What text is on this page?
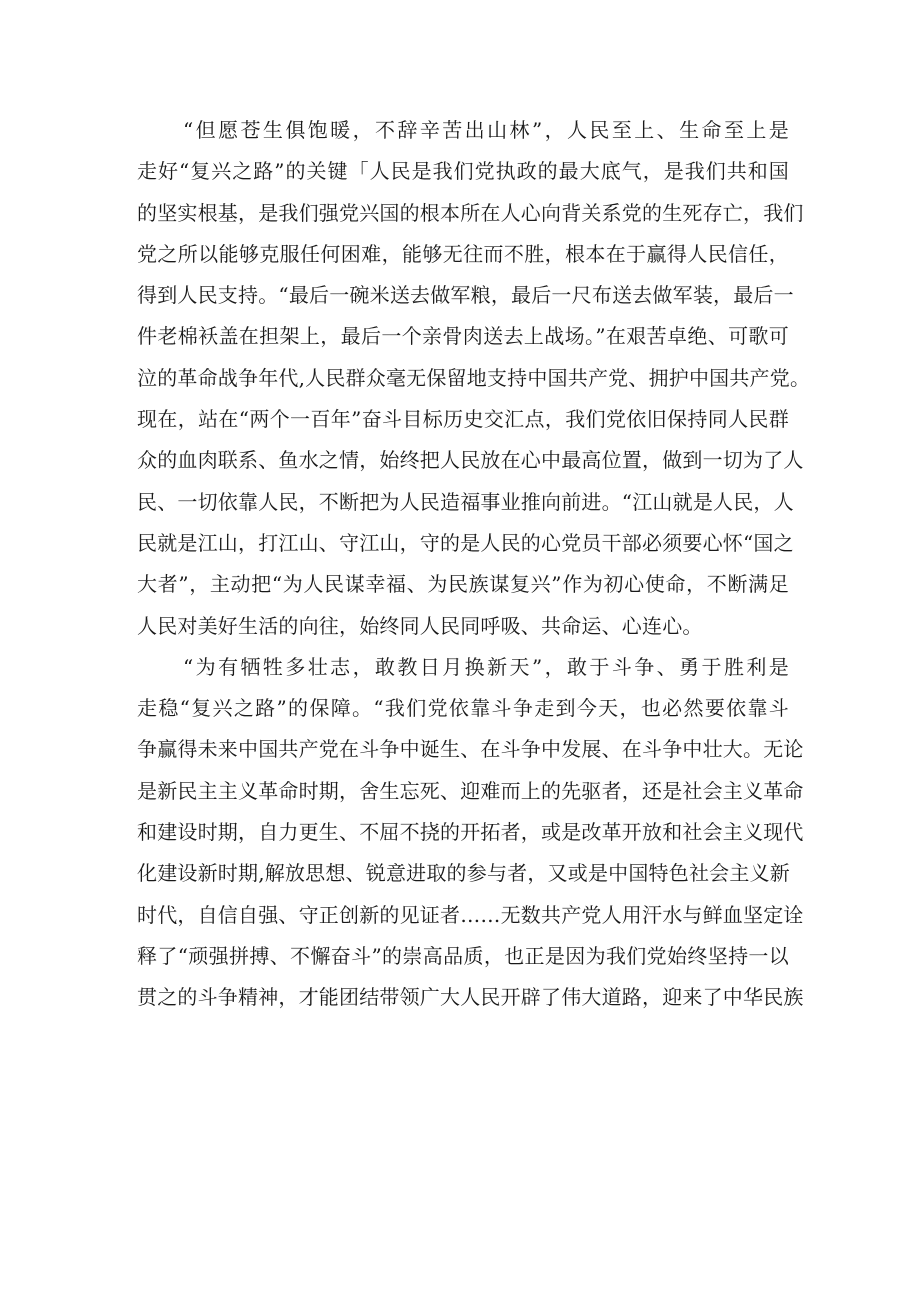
“但愿苍生俱饱暖，不辞辛苦出山林”，人民至上、生命至上是
走好“复兴之路”的关键「人民是我们党执政的最大底气，是我们共和国
的坚实根基，是我们强党兴国的根本所在人心向背关系党的生死存亡，我们
党之所以能够克服任何困难，能够无往而不胜，根本在于赢得人民信任，
得到人民支持。“最后一碗米送去做军粮，最后一尺布送去做军装，最后一
件老棉袄盖在担架上，最后一个亲骨肉送去上战场。”在艰苦卓绝、可歌可
泣的革命战争年代,人民群众毫无保留地支持中国共产党、拥护中国共产党。
现在，站在“两个一百年”奋斗目标历史交汇点，我们党依旧保持同人民群
众的血肉联系、鱼水之情，始终把人民放在心中最高位置，做到一切为了人
民、一切依靠人民，不断把为人民造福事业推向前进。“江山就是人民，人
民就是江山，打江山、守江山，守的是人民的心党员干部必须要心怀“国之
大者”，主动把“为人民谋幸福、为民族谋复兴”作为初心使命，不断满足
人民对美好生活的向往，始终同人民同呼吸、共命运、心连心。
“为有牺牲多壮志，敢教日月换新天”，敢于斗争、勇于胜利是
走稳“复兴之路”的保障。“我们党依靠斗争走到今天，也必然要依靠斗
争赢得未来中国共产党在斗争中诞生、在斗争中发展、在斗争中壮大。无论
是新民主主义革命时期，舍生忘死、迎难而上的先驱者，还是社会主义革命
和建设时期，自力更生、不屈不挠的开拓者，或是改革开放和社会主义现代
化建设新时期,解放思想、锐意进取的参与者，又或是中国特色社会主义新
时代，自信自强、守正创新的见证者……无数共产党人用汗水与鲜血坚定诠
释了“顽强拼搏、不懈奋斗”的崇高品质，也正是因为我们党始终坚持一以
贯之的斗争精神，才能团结带领广大人民开辟了伟大道路，迎来了中华民族
